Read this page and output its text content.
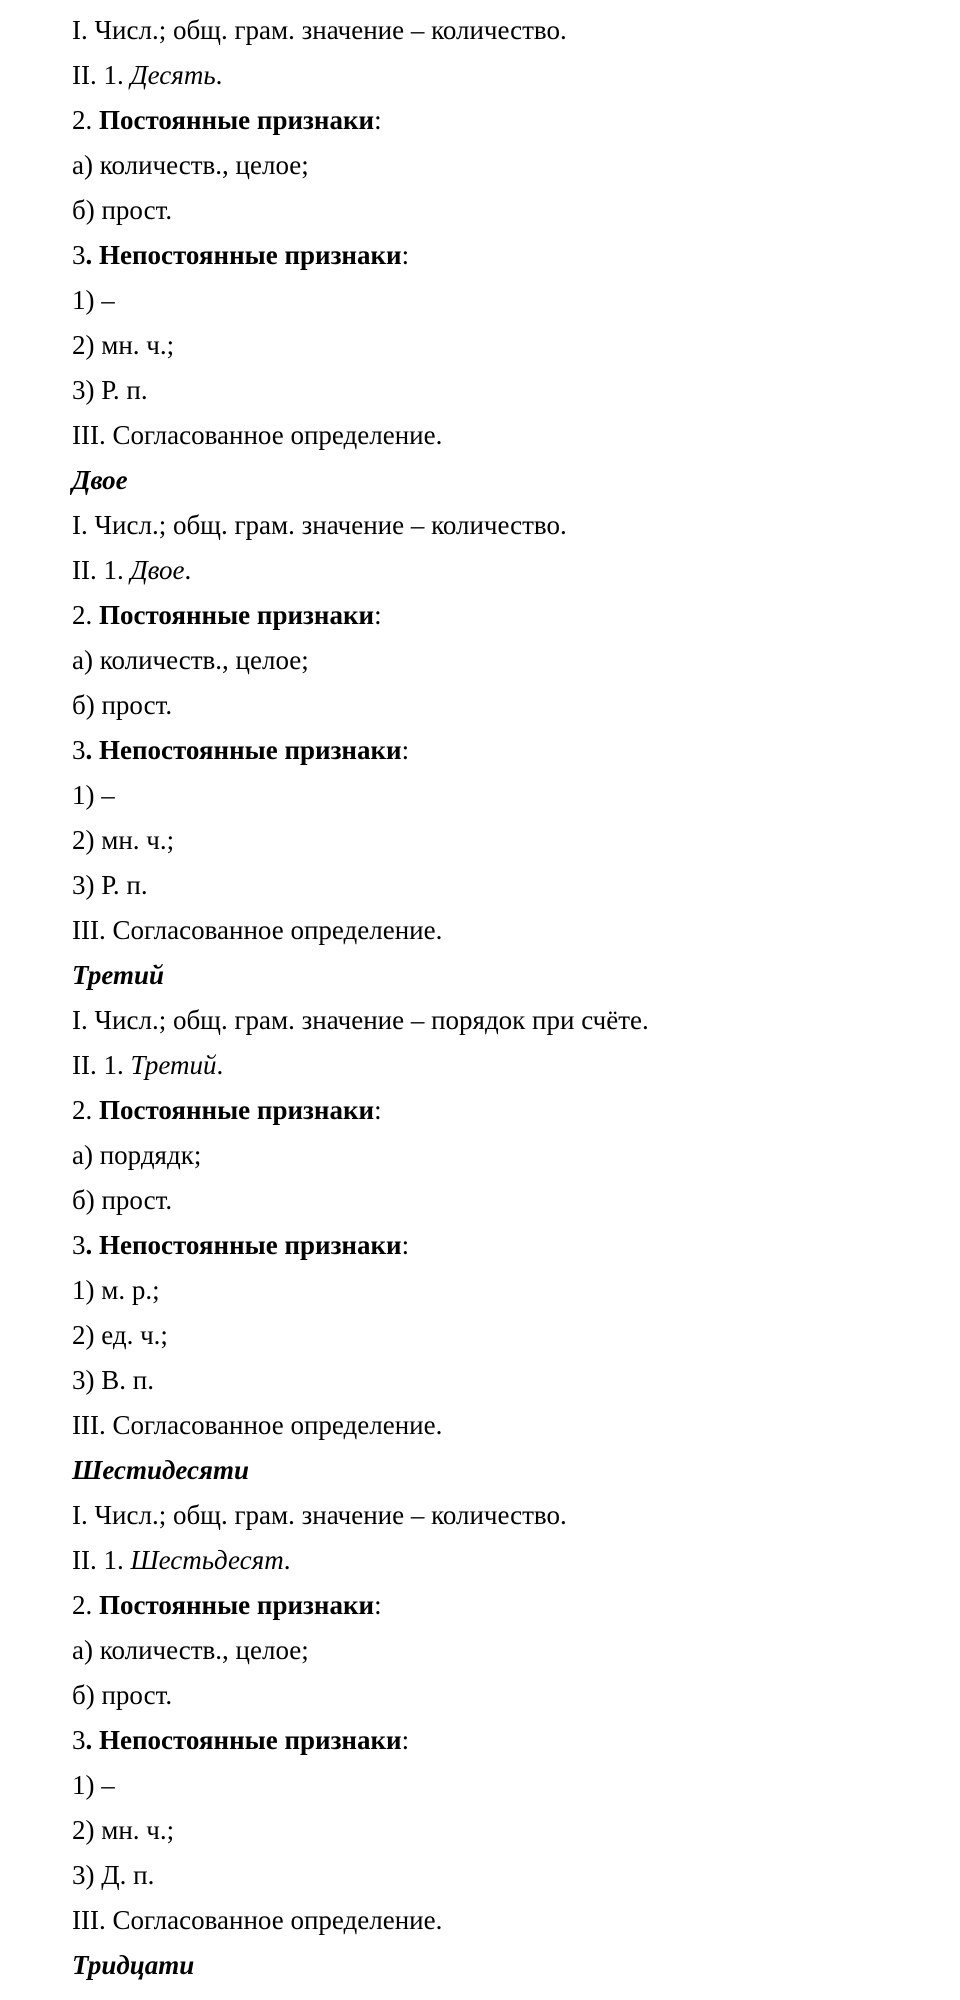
I. Числ.; общ. грам. значение – количество.
II. 1. Десять.
2. Постоянные признаки:
а) количеств., целое;
б) прост.
3. Непостоянные признаки:
1) –
2) мн. ч.;
3) Р. п.
III. Согласованное определение.
Двое
I. Числ.; общ. грам. значение – количество.
II. 1. Двое.
2. Постоянные признаки:
а) количеств., целое;
б) прост.
3. Непостоянные признаки:
1) –
2) мн. ч.;
3) Р. п.
III. Согласованное определение.
Третий
I. Числ.; общ. грам. значение – порядок при счёте.
II. 1. Третий.
2. Постоянные признаки:
а) пордядк;
б) прост.
3. Непостоянные признаки:
1) м. р.;
2) ед. ч.;
3) В. п.
III. Согласованное определение.
Шестидесяти
I. Числ.; общ. грам. значение – количество.
II. 1. Шестьдесят.
2. Постоянные признаки:
а) количеств., целое;
б) прост.
3. Непостоянные признаки:
1) –
2) мн. ч.;
3) Д. п.
III. Согласованное определение.
Тридцати
